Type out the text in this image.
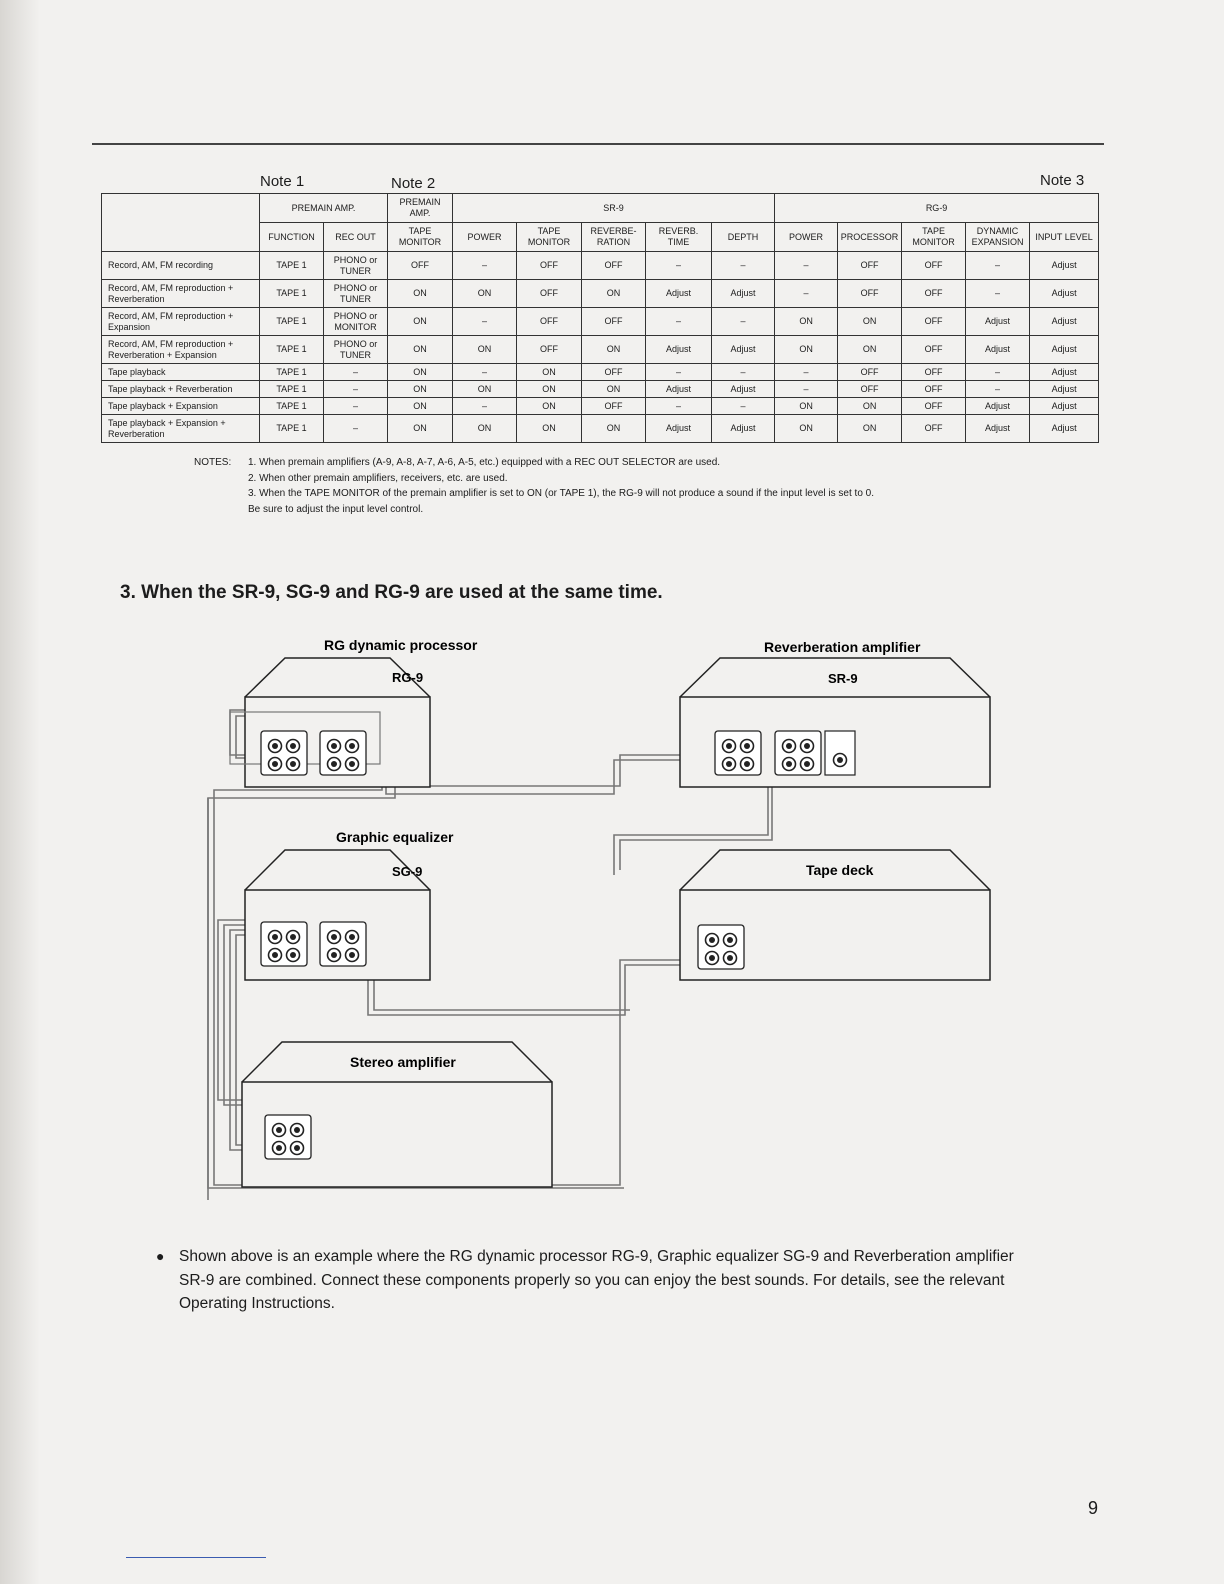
Note 1	Note 2	Note 3
	PREMAIN AMP.		PREMAIN AMP.	SR-9					RG-9				
	FUNCTION	REC OUT	TAPE MONITOR	POWER	TAPE MONITOR	REVERBE- RATION	REVERB. TIME	DEPTH	POWER	PROCESSOR	TAPE MONITOR	DYNAMIC EXPANSION	INPUT LEVEL
Record, AM, FM recording	TAPE 1	PHONO or TUNER	OFF	–	OFF	OFF	–	–	–	OFF	OFF	–	Adjust
Record, AM, FM reproduction + Reverberation	TAPE 1	PHONO or TUNER	ON	ON	OFF	ON	Adjust	Adjust	–	OFF	OFF	–	Adjust
Record, AM, FM reproduction + Expansion	TAPE 1	PHONO or MONITOR	ON	–	OFF	OFF	–	–	ON	ON	OFF	Adjust	Adjust
Record, AM, FM reproduction + Reverberation + Expansion	TAPE 1	PHONO or TUNER	ON	ON	OFF	ON	Adjust	Adjust	ON	ON	OFF	Adjust	Adjust
Tape playback	TAPE 1	–	ON	–	ON	OFF	–	–	–	OFF	OFF	–	Adjust
Tape playback + Reverberation	TAPE 1	–	ON	ON	ON	ON	Adjust	Adjust	–	OFF	OFF	–	Adjust
Tape playback + Expansion	TAPE 1	–	ON	–	ON	OFF	–	–	ON	ON	OFF	Adjust	Adjust
Tape playback + Expansion + Reverberation	TAPE 1	–	ON	ON	ON	ON	Adjust	Adjust	ON	ON	OFF	Adjust	Adjust
NOTES: 1. When premain amplifiers (A-9, A-8, A-7, A-6, A-5, etc.) equipped with a REC OUT SELECTOR are used.
2. When other premain amplifiers, receivers, etc. are used.
3. When the TAPE MONITOR of the premain amplifier is set to ON (or TAPE 1), the RG-9 will not produce a sound if the input level is set to 0.
Be sure to adjust the input level control.
3. When the SR-9, SG-9 and RG-9 are used at the same time.
RG dynamic processor
RG-9
Reverberation amplifier
SR-9
Graphic equalizer
SG-9	Tape deck
Stereo amplifier
● Shown above is an example where the RG dynamic processor RG-9, Graphic equalizer SG-9 and Reverberation amplifier SR-9 are combined. Connect these components properly so you can enjoy the best sounds. For details, see the relevant Operating Instructions.
9
